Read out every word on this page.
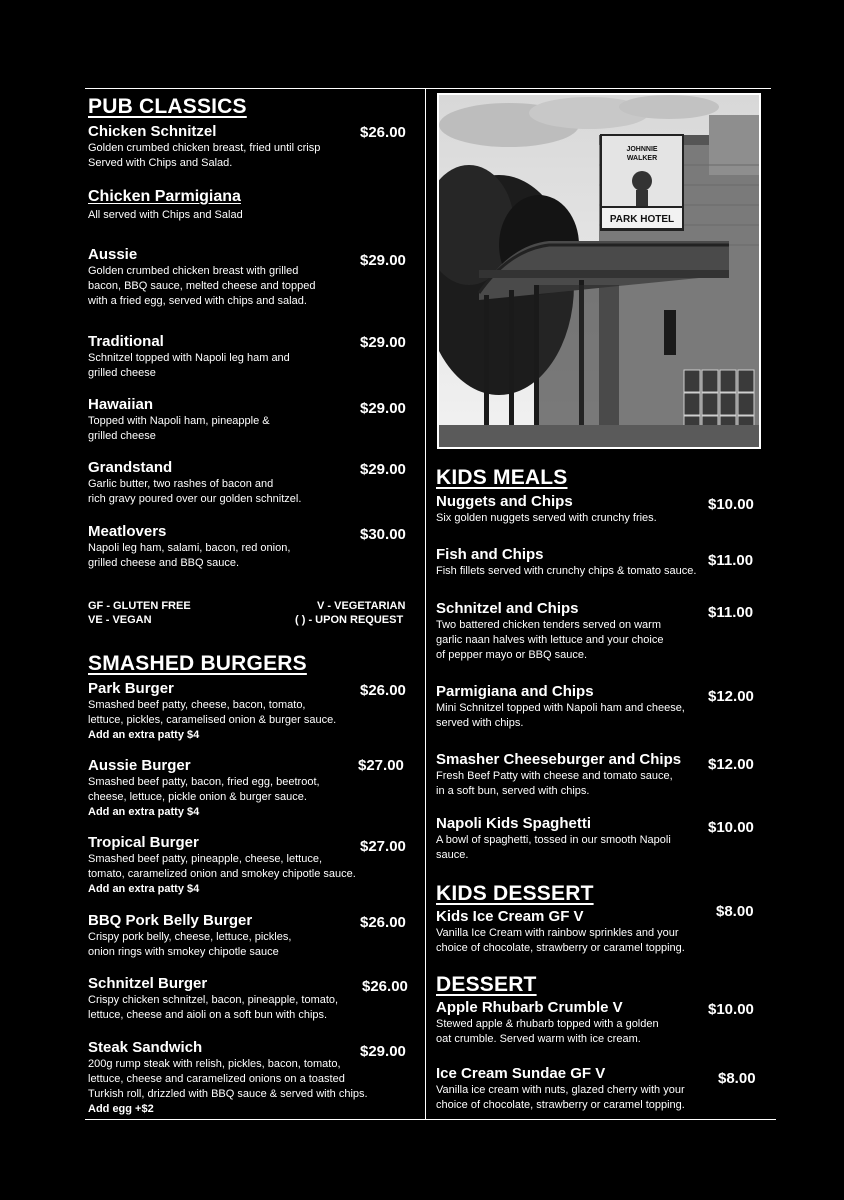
PUB CLASSICS
Chicken Schnitzel
Golden crumbed chicken breast, fried until crisp
Served with Chips and Salad.
$26.00
Chicken Parmigiana
All served with Chips and Salad
Aussie
Golden crumbed chicken breast with grilled
bacon, BBQ sauce, melted cheese and topped
with a fried egg, served with chips and salad.
$29.00
Traditional
Schnitzel topped with Napoli leg ham and
grilled cheese
$29.00
Hawaiian
Topped with Napoli ham, pineapple &
grilled cheese
$29.00
Grandstand
Garlic butter, two rashes of bacon and
rich gravy poured over our golden schnitzel.
$29.00
Meatlovers
Napoli leg ham, salami, bacon, red onion,
grilled cheese and BBQ sauce.
$30.00
GF - GLUTEN FREE	V - VEGETARIAN
VE - VEGAN	( ) - UPON REQUEST
SMASHED BURGERS
Park Burger
Smashed beef patty, cheese, bacon, tomato,
lettuce, pickles, caramelised onion & burger sauce.
Add an extra patty $4
$26.00
Aussie Burger
Smashed beef patty, bacon, fried egg, beetroot,
cheese, lettuce, pickle onion & burger sauce.
Add an extra patty $4
$27.00
Tropical Burger
Smashed beef patty, pineapple, cheese, lettuce,
tomato, caramelized onion and smokey chipotle sauce.
Add an extra patty $4
$27.00
BBQ Pork Belly Burger
Crispy pork belly, cheese, lettuce, pickles,
onion rings with smokey chipotle sauce
$26.00
Schnitzel Burger
Crispy chicken schnitzel, bacon, pineapple, tomato,
lettuce, cheese and aioli on a soft bun with chips.
$26.00
Steak Sandwich
200g rump steak with relish, pickles, bacon, tomato,
lettuce, cheese and caramelized onions on a toasted
Turkish roll, drizzled with BBQ sauce & served with chips.
Add egg +$2
$29.00
JOHNNIE
WALKER
PARK HOTEL
KIDS MEALS
Nuggets and Chips
Six golden nuggets served with crunchy fries.
$10.00
Fish and Chips
Fish fillets served with crunchy chips & tomato sauce.
$11.00
Schnitzel and Chips
Two battered chicken tenders served on warm
garlic naan halves with lettuce and your choice
of pepper mayo or BBQ sauce.
$11.00
Parmigiana and Chips
Mini Schnitzel topped with Napoli ham and cheese,
served with chips.
$12.00
Smasher Cheeseburger and Chips
Fresh Beef Patty with cheese and tomato sauce,
in a soft bun, served with chips.
$12.00
Napoli Kids Spaghetti
A bowl of spaghetti, tossed in our smooth Napoli
sauce.
$10.00
KIDS DESSERT
Kids Ice Cream GF V
Vanilla Ice Cream with rainbow sprinkles and your
choice of chocolate, strawberry or caramel topping.
$8.00
DESSERT
Apple Rhubarb Crumble V
Stewed apple & rhubarb topped with a golden
oat crumble. Served warm with ice cream.
$10.00
Ice Cream Sundae GF V
Vanilla ice cream with nuts, glazed cherry with your
choice of chocolate, strawberry or caramel topping.
$8.00
